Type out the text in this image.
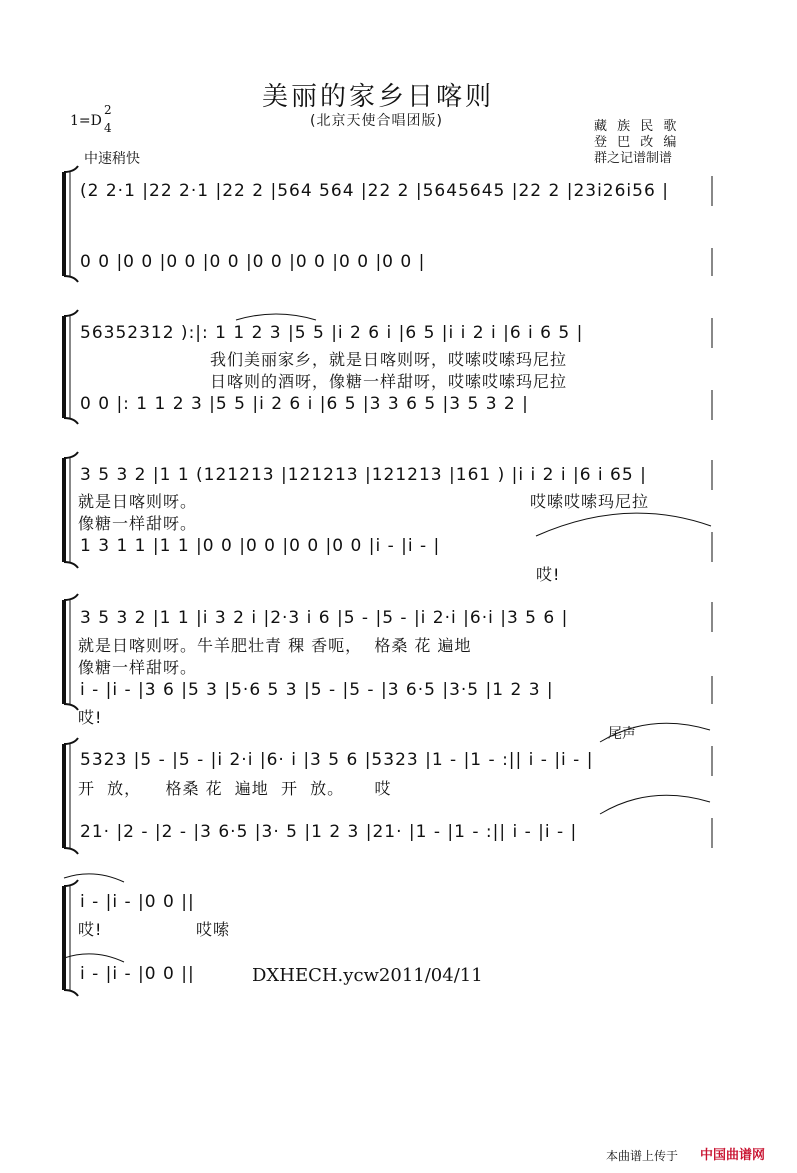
美丽的家乡日喀则
(北京天使合唱团版)
1=D
2
4
中速稍快
藏 族 民 歌
登 巴 改 编
群之记谱制谱
(2 2·1 |22 2·1 |22 2 |564 564 |22 2 |5645645 |22 2 |23i26i56 |
0 0 |0 0 |0 0 |0 0 |0 0 |0 0 |0 0 |0 0 |
56352312 ):|: 1 1 2 3 |5 5 |i 2 6 i |6 5 |i i 2 i |6 i 6 5 |
我们美丽家乡，就是日喀则呀，哎嗦哎嗦玛尼拉
日喀则的酒呀，像糖一样甜呀，哎嗦哎嗦玛尼拉
0 0 |: 1 1 2 3 |5 5 |i 2 6 i |6 5 |3 3 6 5 |3 5 3 2 |
3 5 3 2 |1 1 (121213 |121213 |121213 |161 ) |i i 2 i |6 i 65 |
就是日喀则呀。	哎嗦哎嗦玛尼拉
像糖一样甜呀。
1 3 1 1 |1 1 |0 0 |0 0 |0 0 |0 0 |i - |i - |
哎!
3 5 3 2 |1 1 |i 3 2 i |2·3 i 6 |5 - |5 - |i 2·i |6·i |3 5 6 |
就是日喀则呀。牛羊肥壮青 稞 香呃，  格桑 花 遍地
像糖一样甜呀。
i - |i - |3 6 |5 3 |5·6 5 3 |5 - |5 - |3 6·5 |3·5 |1 2 3 |
哎!
尾声
5323 |5 - |5 - |i 2·i |6· i |3 5 6 |5323 |1 - |1 - :|| i - |i - |
开  放，    格桑 花  遍地  开  放。     哎
21· |2 - |2 - |3 6·5 |3· 5 |1 2 3 |21· |1 - |1 - :|| i - |i - |
i - |i - |0 0 ||
哎!	哎嗦
i - |i - |0 0 ||	DXHECH.ycw2011/04/11
本曲谱上传于 中国曲谱网
